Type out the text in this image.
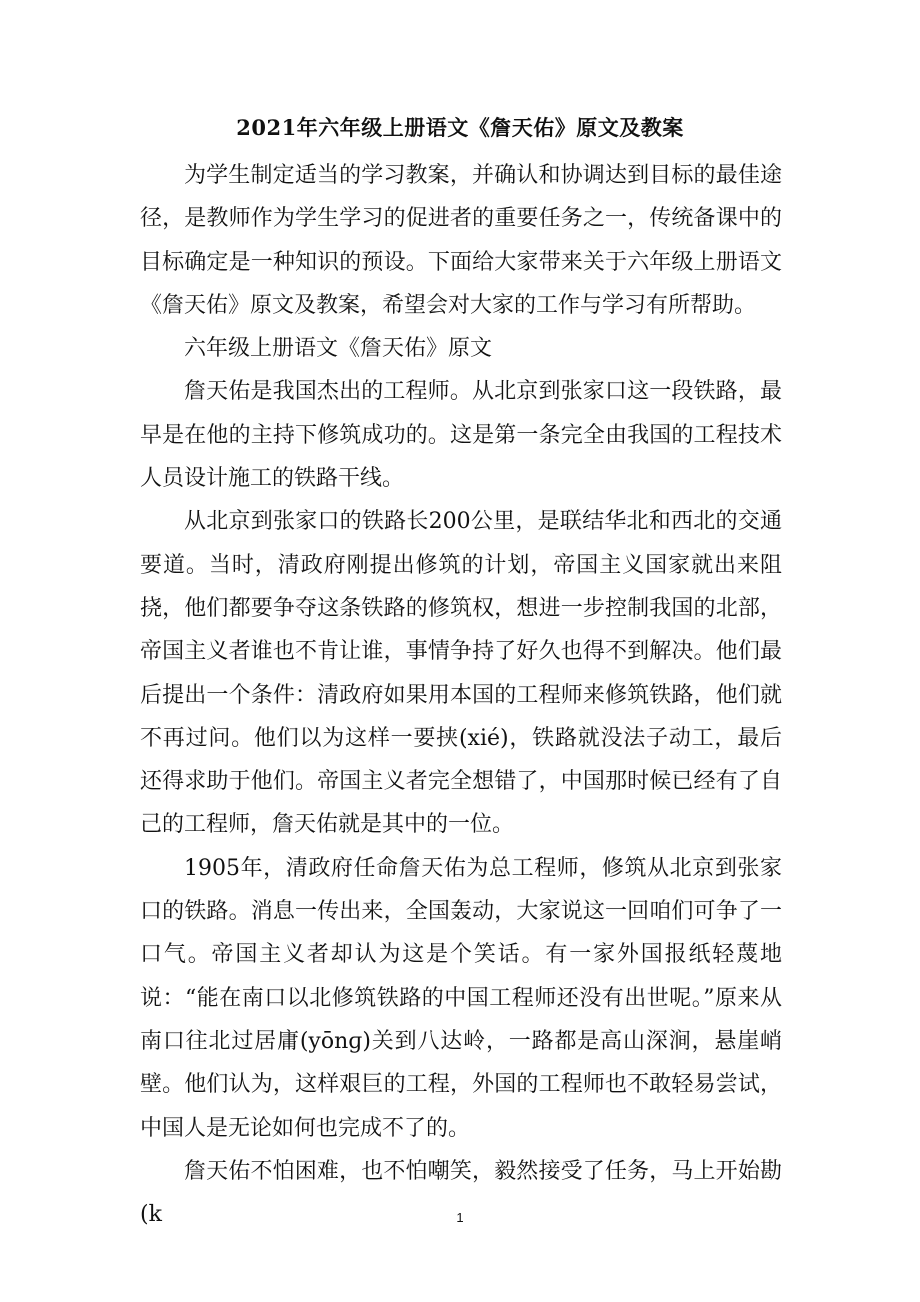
2021年六年级上册语文《詹天佑》原文及教案

为学生制定适当的学习教案，并确认和协调达到目标的最佳途径，是教师作为学生学习的促进者的重要任务之一，传统备课中的目标确定是一种知识的预设。下面给大家带来关于六年级上册语文《詹天佑》原文及教案，希望会对大家的工作与学习有所帮助。

六年级上册语文《詹天佑》原文

詹天佑是我国杰出的工程师。从北京到张家口这一段铁路，最早是在他的主持下修筑成功的。这是第一条完全由我国的工程技术人员设计施工的铁路干线。

从北京到张家口的铁路长200公里，是联结华北和西北的交通要道。当时，清政府刚提出修筑的计划，帝国主义国家就出来阻挠，他们都要争夺这条铁路的修筑权，想进一步控制我国的北部，帝国主义者谁也不肯让谁，事情争持了好久也得不到解决。他们最后提出一个条件：清政府如果用本国的工程师来修筑铁路，他们就不再过问。他们以为这样一要挟(xié)，铁路就没法子动工，最后还得求助于他们。帝国主义者完全想错了，中国那时候已经有了自己的工程师，詹天佑就是其中的一位。

1905年，清政府任命詹天佑为总工程师，修筑从北京到张家口的铁路。消息一传出来，全国轰动，大家说这一回咱们可争了一口气。帝国主义者却认为这是个笑话。有一家外国报纸轻蔑地说：“能在南口以北修筑铁路的中国工程师还没有出世呢。”原来从南口往北过居庸(yōnɡ)关到八达岭，一路都是高山深涧，悬崖峭壁。他们认为，这样艰巨的工程，外国的工程师也不敢轻易尝试，中国人是无论如何也完成不了的。

詹天佑不怕困难，也不怕嘲笑，毅然接受了任务，马上开始勘(k	1
